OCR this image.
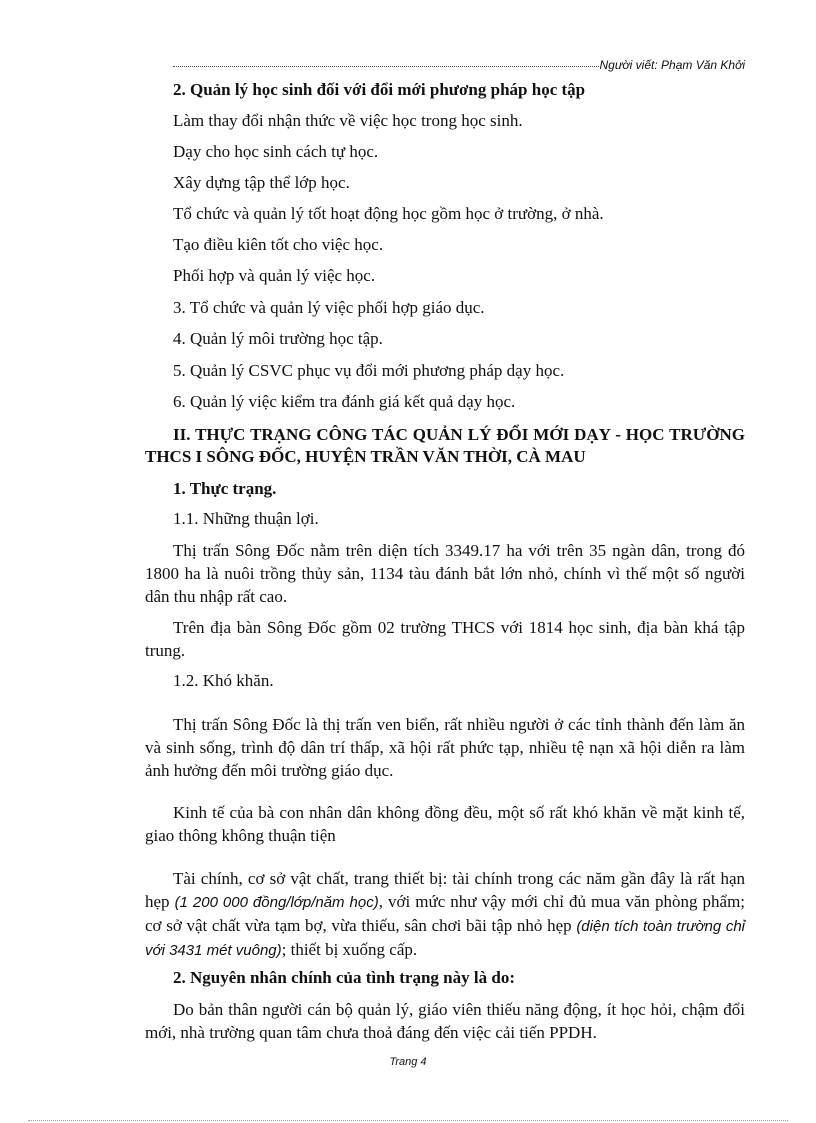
Người viết: Phạm Văn Khởi
2. Quản lý học sinh đối với đổi mới phương pháp học tập
Làm thay đổi nhận thức về việc học trong học sinh.
Dạy cho học sinh cách tự học.
Xây dựng tập thể lớp học.
Tổ chức và quản lý tốt hoạt động học gồm học ở trường, ở nhà.
Tạo điều kiên tốt cho việc học.
Phối hợp và quản lý việc học.
3. Tổ chức và quản lý việc phối hợp giáo dục.
4. Quản lý môi trường học tập.
5. Quản lý CSVC phục vụ đổi mới phương pháp dạy học.
6. Quản lý việc kiểm tra đánh giá kết quả dạy học.
II. THỰC TRẠNG CÔNG TÁC QUẢN LÝ ĐỔI MỚI DẠY - HỌC TRƯỜNG THCS I SÔNG ĐỐC, HUYỆN TRẦN VĂN THỜI, CÀ MAU
1. Thực trạng.
1.1. Những thuận lợi.
Thị trấn Sông Đốc nằm trên diện tích 3349.17 ha với trên 35 ngàn dân, trong đó 1800 ha là nuôi trồng thủy sản, 1134 tàu đánh bắt lớn nhỏ, chính vì thế một số người dân thu nhập rất cao.
Trên địa bàn Sông Đốc gồm 02 trường THCS với 1814 học sinh, địa bàn khá tập trung.
1.2. Khó khăn.
Thị trấn Sông Đốc là thị trấn ven biển, rất nhiều người ở các tỉnh thành đến làm ăn và sinh sống, trình độ dân trí thấp, xã hội rất phức tạp, nhiều tệ nạn xã hội diễn ra làm ảnh hưởng đến môi trường giáo dục.
Kinh tế của bà con nhân dân không đồng đều, một số rất khó khăn về mặt kinh tế, giao thông không thuận tiện
Tài chính, cơ sở vật chất, trang thiết bị: tài chính trong các năm gần đây là rất hạn hẹp (1 200 000 đồng/lớp/năm học), với mức như vậy mới chỉ đủ mua văn phòng phẩm; cơ sở vật chất vừa tạm bợ, vừa thiếu, sân chơi bãi tập nhỏ hẹp (diện tích toàn trường chỉ với 3431 mét vuông); thiết bị xuống cấp.
2. Nguyên nhân chính của tình trạng này là do:
Do bản thân người cán bộ quản lý, giáo viên thiếu năng động, ít học hỏi, chậm đổi mới, nhà trường quan tâm chưa thoả đáng đến việc cải tiến PPDH.
Trang 4
